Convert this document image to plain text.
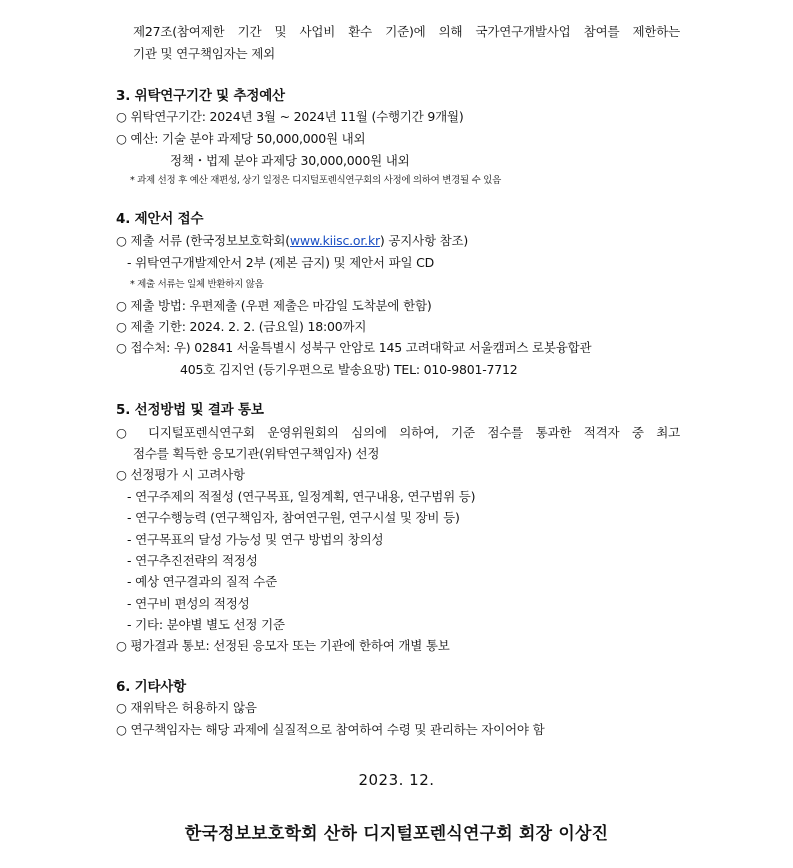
제27조(참여제한 기간 및 사업비 환수 기준)에 의해 국가연구개발사업 참여를 제한하는
기관 및 연구책임자는 제외
3. 위탁연구기간 및 추정예산
○ 위탁연구기간: 2024년 3월 ~ 2024년 11월 (수행기간 9개월)
○ 예산: 기술 분야 과제당 50,000,000원 내외
정책・법제 분야 과제당 30,000,000원 내외
* 과제 선정 후 예산 재편성, 상기 일정은 디지털포렌식연구회의 사정에 의하여 변경될 수 있음
4. 제안서 접수
○ 제출 서류 (한국정보보호학회(www.kiisc.or.kr) 공지사항 참조)
- 위탁연구개발제안서 2부 (제본 금지) 및 제안서 파일 CD
* 제출 서류는 일체 반환하지 않음
○ 제출 방법: 우편제출 (우편 제출은 마감일 도착분에 한함)
○ 제출 기한: 2024. 2. 2. (금요일) 18:00까지
○ 접수처: 우) 02841 서울특별시 성북구 안암로 145 고려대학교 서울캠퍼스 로봇융합관
405호 김지언 (등기우편으로 발송요망) TEL: 010-9801-7712
5. 선정방법 및 결과 통보
○ 디지털포렌식연구회 운영위원회의 심의에 의하여, 기준 점수를 통과한 적격자 중 최고
점수를 획득한 응모기관(위탁연구책임자) 선정
○ 선정평가 시 고려사항
- 연구주제의 적절성 (연구목표, 일정계획, 연구내용, 연구범위 등)
- 연구수행능력 (연구책임자, 참여연구원, 연구시설 및 장비 등)
- 연구목표의 달성 가능성 및 연구 방법의 창의성
- 연구추진전략의 적정성
- 예상 연구결과의 질적 수준
- 연구비 편성의 적정성
- 기타: 분야별 별도 선정 기준
○ 평가결과 통보: 선정된 응모자 또는 기관에 한하여 개별 통보
6. 기타사항
○ 재위탁은 허용하지 않음
○ 연구책임자는 해당 과제에 실질적으로 참여하여 수령 및 관리하는 자이어야 함
2023. 12.
한국정보보호학회 산하 디지털포렌식연구회 회장 이상진
